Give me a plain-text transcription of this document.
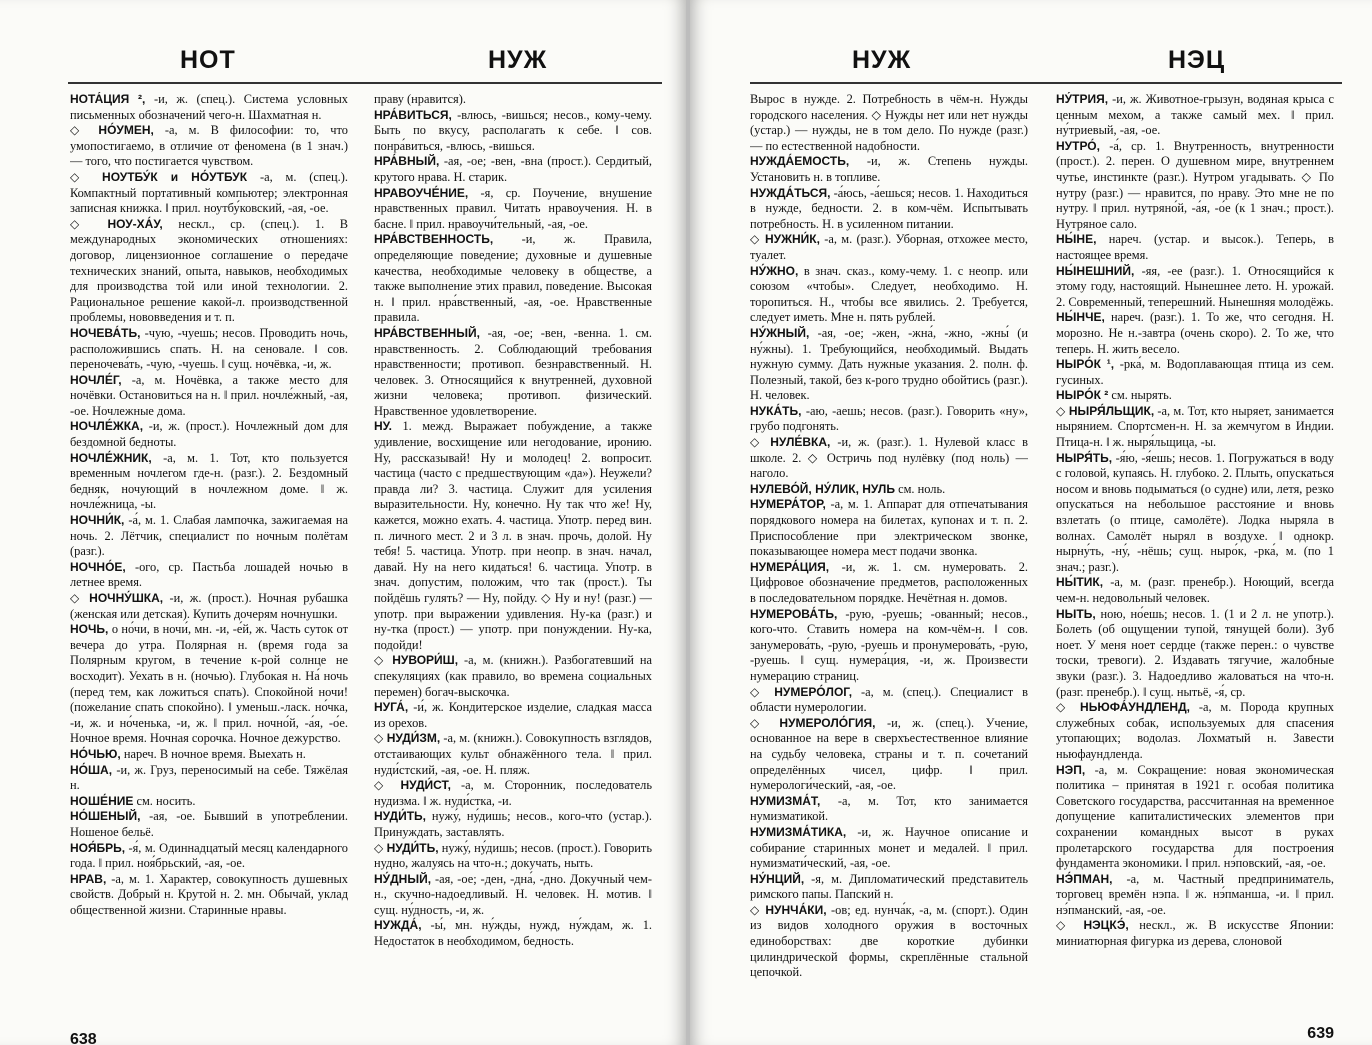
НОТ	НУЖ

НОТА́ЦИЯ ², -и, ж. (спец.). Система условных письменных обозначений чего-н. Шахматная н.

◇ НО́УМЕН, -а, м. В философии: то, что умопостигаемо, в отличие от феномена (в 1 знач.) — того, что постигается чувством.

◇ НОУТБУ́К и НО́УТБУК -а, м. (спец.). Компактный портативный компьютер; электронная записная книжка. ‖ прил. ноутбу́ковский, -ая, -ое.

◇ НОУ-ХА́У, нескл., ср. (спец.). 1. В международных экономических отношениях: договор, лицензионное соглашение о передаче технических знаний, опыта, навыков, необходимых для производства той или иной технологии. 2. Рациональное решение какой-л. производственной проблемы, нововведения и т. п.

НОЧЕВА́ТЬ, -чую, -чуешь; несов. Проводить ночь, расположившись спать. Н. на сеновале. ‖ сов. переночева́ть, -чую, -чуешь. ‖ сущ. ночёвка, -и, ж.

НОЧЛЕ́Г, -а, м. Ночёвка, а также место для ночёвки. Остановиться на н. ‖ прил. ночле́жный, -ая, -ое. Ночлежные дома.

НОЧЛЕ́ЖКА, -и, ж. (прост.). Ночлежный дом для бездомной бедноты.

НОЧЛЕ́ЖНИК, -а, м. 1. Тот, кто пользуется временным ночлегом где-н. (разг.). 2. Бездомный бедняк, ночующий в ночлежном доме. ‖ ж. ночле́жница, -ы.

НОЧНИ́К, -а́, м. 1. Слабая лампочка, зажигаемая на ночь. 2. Лётчик, специалист по ночным полётам (разг.).

НОЧНО́Е, -ого, ср. Пастьба лошадей ночью в летнее время.

◇ НОЧНУ́ШКА, -и, ж. (прост.). Ночная рубашка (женская или детская). Купить дочерям ночнушки.

НОЧЬ, о но́чи, в ночи́, мн. -и, -е́й, ж. Часть суток от вечера до утра. Полярная н. (время года за Полярным кругом, в течение к-рой солнце не восходит). Уехать в н. (ночью). Глубокая н. На́ ночь (перед тем, как ложиться спать). Спокойной ночи! (пожелание спать спокойно). ‖ уменьш.-ласк. но́чка, -и, ж. и но́ченька, -и, ж. ‖ прил. ночно́й, -а́я, -о́е. Ночное время. Ночная сорочка. Ночное дежурство.

НО́ЧЬЮ, нареч. В ночное время. Выехать н.

НО́ША, -и, ж. Груз, переносимый на себе. Тяжёлая н.

НОШЕ́НИЕ см. носить.

НО́ШЕНЫЙ, -ая, -ое. Бывший в употреблении. Ношеное бельё.

НОЯ́БРЬ, -я́, м. Одиннадцатый месяц календарного года. ‖ прил. ноя́брьский, -ая, -ое.

НРАВ, -а, м. 1. Характер, совокупность душевных свойств. Добрый н. Крутой н. 2. мн. Обычай, уклад общественной жизни. Старинные нравы.

праву (нравится).

НРА́ВИТЬСЯ, -влюсь, -вишься; несов., кому-чему. Быть по вкусу, располагать к себе. ‖ сов. понра́виться, -влюсь, -вишься.

НРА́ВНЫЙ, -ая, -ое; -вен, -вна (прост.). Сердитый, крутого нрава. Н. старик.

НРАВОУЧЕ́НИЕ, -я, ср. Поучение, внушение нравственных правил. Читать нравоучения. Н. в басне. ‖ прил. нравоучи́тельный, -ая, -ое.

НРА́ВСТВЕННОСТЬ, -и, ж. Правила, определяющие поведение; духовные и душевные качества, необходимые человеку в обществе, а также выполнение этих правил, поведение. Высокая н. ‖ прил. нра́вственный, -ая, -ое. Нравственные правила.

НРА́ВСТВЕННЫЙ, -ая, -ое; -вен, -венна. 1. см. нравственность. 2. Соблюдающий требования нравственности; противоп. безнравственный. Н. человек. 3. Относящийся к внутренней, духовной жизни человека; противоп. физический. Нравственное удовлетворение.

НУ. 1. межд. Выражает побуждение, а также удивление, восхищение или негодование, иронию. Ну, рассказывай! Ну и молодец! 2. вопросит. частица (часто с предшествующим «да»). Неужели? правда ли? 3. частица. Служит для усиления выразительности. Ну, конечно. Ну так что же! Ну, кажется, можно ехать. 4. частица. Употр. перед вин. п. личного мест. 2 и 3 л. в знач. прочь, долой. Ну тебя! 5. частица. Употр. при неопр. в знач. начал, давай. Ну на него кидаться! 6. частица. Употр. в знач. допустим, положим, что так (прост.). Ты пойдёшь гулять? — Ну, пойду. ◇ Ну и ну! (разг.) — употр. при выражении удивления. Ну-ка (разг.) и ну-тка (прост.) — употр. при понуждении. Ну-ка, подойди!

◇ НУВОРИ́Ш, -а, м. (книжн.). Разбогатевший на спекуляциях (как правило, во времена социальных перемен) богач-выскочка.

НУГА́, -и́, ж. Кондитерское изделие, сладкая масса из орехов.

◇ НУДИ́ЗМ, -а, м. (книжн.). Совокупность взглядов, отстаивающих культ обнажённого тела. ‖ прил. нуди́стский, -ая, -ое. Н. пляж.

◇ НУДИ́СТ, -а, м. Сторонник, последователь нудизма. ‖ ж. нуди́стка, -и.

НУДИ́ТЬ, нужу́, ну́дишь; несов., кого-что (устар.). Принуждать, заставлять.

◇ НУДИ́ТЬ, нужу́, ну́дишь; несов. (прост.). Говорить нудно, жалуясь на что-н.; докучать, ныть.

НУ́ДНЫЙ, -ая, -ое; -ден, -дна́, -дно. Докучный чем-н., скучно-надоедливый. Н. человек. Н. мотив. ‖ сущ. ну́дность, -и, ж.

НУЖДА́, -ы́, мн. ну́жды, нужд, ну́ждам, ж. 1. Недостаток в необходимом, бедность.

638
НУЖ	НЭЦ

Вырос в нужде. 2. Потребность в чём-н. Нужды городского населения. ◇ Нужды нет или нет нужды (устар.) — нужды, не в том дело. По нужде (разг.) — по естественной надобности.

НУЖДА́ЕМОСТЬ, -и, ж. Степень нужды. Установить н. в топливе.

НУЖДА́ТЬСЯ, -а́юсь, -а́ешься; несов. 1. Находиться в нужде, бедности. 2. в ком-чём. Испытывать потребность. Н. в усиленном питании.

◇ НУЖНИ́К, -а, м. (разг.). Уборная, отхожее место, туалет.

НУ́ЖНО, в знач. сказ., кому-чему. 1. с неопр. или союзом «чтобы». Следует, необходимо. Н. торопиться. Н., чтобы все явились. 2. Требуется, следует иметь. Мне н. пять рублей.

НУ́ЖНЫЙ, -ая, -ое; -жен, -жна́, -жно, -жны́ (и ну́жны). 1. Требующийся, необходимый. Выдать нужную сумму. Дать нужные указания. 2. полн. ф. Полезный, такой, без к-рого трудно обойтись (разг.). Н. человек.

НУКА́ТЬ, -аю, -аешь; несов. (разг.). Говорить «ну», грубо подгонять.

◇ НУЛЕ́ВКА, -и, ж. (разг.). 1. Нулевой класс в школе. 2. ◇ Остричь под нулёвку (под ноль) — наголо.

НУЛЕВО́Й, НУ́ЛИК, НУЛЬ см. ноль.

НУМЕРА́ТОР, -а, м. 1. Аппарат для отпечатывания порядкового номера на билетах, купонах и т. п. 2. Приспособление при электрическом звонке, показывающее номера мест подачи звонка.

НУМЕРА́ЦИЯ, -и, ж. 1. см. нумеровать. 2. Цифровое обозначение предметов, расположенных в последовательном порядке. Нечётная н. домов.

НУМЕРОВА́ТЬ, -рую, -руешь; -ованный; несов., кого-что. Ставить номера на ком-чём-н. ‖ сов. занумерова́ть, -рую, -руешь и пронумерова́ть, -рую, -руешь. ‖ сущ. нумера́ция, -и, ж. Произвести нумерацию страниц.

◇ НУМЕРО́ЛОГ, -а, м. (спец.). Специалист в области нумерологии.

◇ НУМЕРОЛО́ГИЯ, -и, ж. (спец.). Учение, основанное на вере в сверхъестественное влияние на судьбу человека, страны и т. п. сочетаний определённых чисел, цифр. ‖ прил. нумерологи́ческий, -ая, -ое.

НУМИЗМА́Т, -а, м. Тот, кто занимается нумизматикой.

НУМИЗМА́ТИКА, -и, ж. Научное описание и собирание старинных монет и медалей. ‖ прил. нумизмати́ческий, -ая, -ое.

НУ́НЦИЙ, -я, м. Дипломатический представитель римского папы. Папский н.

◇ НУНЧА́КИ, -ов; ед. нунча́к, -а, м. (спорт.). Один из видов холодного оружия в восточных единоборствах: две короткие дубинки цилиндрической формы, скреплённые стальной цепочкой.

НУ́ТРИЯ, -и, ж. Животное-грызун, водяная крыса с ценным мехом, а также самый мех. ‖ прил. ну́триевый, -ая, -ое.

НУТРО́, -а́, ср. 1. Внутренность, внутренности (прост.). 2. перен. О душевном мире, внутреннем чутье, инстинкте (разг.). Нутром угадывать. ◇ По нутру (разг.) — нравится, по нраву. Это мне не по нутру. ‖ прил. нутряно́й, -а́я, -о́е (к 1 знач.; прост.). Нутряное сало.

НЫ́НЕ, нареч. (устар. и высок.). Теперь, в настоящее время.

НЫ́НЕШНИЙ, -яя, -ее (разг.). 1. Относящийся к этому году, настоящий. Нынешнее лето. Н. урожай. 2. Современный, теперешний. Нынешняя молодёжь.

НЫ́НЧЕ, нареч. (разг.). 1. То же, что сегодня. Н. морозно. Не н.-завтра (очень скоро). 2. То же, что теперь. Н. жить весело.

НЫРО́К ¹, -рка́, м. Водоплавающая птица из сем. гусиных.

НЫРО́К ² см. нырять.

◇ НЫРЯ́ЛЬЩИК, -а, м. Тот, кто ныряет, занимается нырянием. Спортсмен-н. Н. за жемчугом в Индии. Птица-н. ‖ ж. ныря́льщица, -ы.

НЫРЯ́ТЬ, -я́ю, -я́ешь; несов. 1. Погружаться в воду с головой, купаясь. Н. глубоко. 2. Плыть, опускаться носом и вновь подыматься (о судне) или, летя, резко опускаться на небольшое расстояние и вновь взлетать (о птице, самолёте). Лодка ныряла в волнах. Самолёт нырял в воздухе. ‖ однокр. нырну́ть, -ну́, -нёшь; сущ. ныро́к, -рка́, м. (по 1 знач.; разг.).

НЫ́ТИК, -а, м. (разг. пренебр.). Ноющий, всегда чем-н. недовольный человек.

НЫТЬ, ною, но́ешь; несов. 1. (1 и 2 л. не употр.). Болеть (об ощущении тупой, тянущей боли). Зуб ноет. У меня ноет сердце (также перен.: о чувстве тоски, тревоги). 2. Издавать тягучие, жалобные звуки (разг.). 3. Надоедливо жаловаться на что-н. (разг. пренебр.). ‖ сущ. нытьё, -я́, ср.

◇ НЬЮФА́УНДЛЕНД, -а, м. Порода крупных служебных собак, используемых для спасения утопающих; водолаз. Лохматый н. Завести ньюфаундленда.

НЭП, -а, м. Сокращение: новая экономическая политика – принятая в 1921 г. особая политика Советского государства, рассчитанная на временное допущение капиталистических элементов при сохранении командных высот в руках пролетарского государства для построения фундамента экономики. ‖ прил. нэ́повский, -ая, -ое.

НЭ́ПМАН, -а, м. Частный предприниматель, торговец времён нэпа. ‖ ж. нэ́пманша, -и. ‖ прил. нэ́пманский, -ая, -ое.

◇ НЭЦКЭ́, нескл., ж. В искусстве Японии: миниатюрная фигурка из дерева, слоновой

639
